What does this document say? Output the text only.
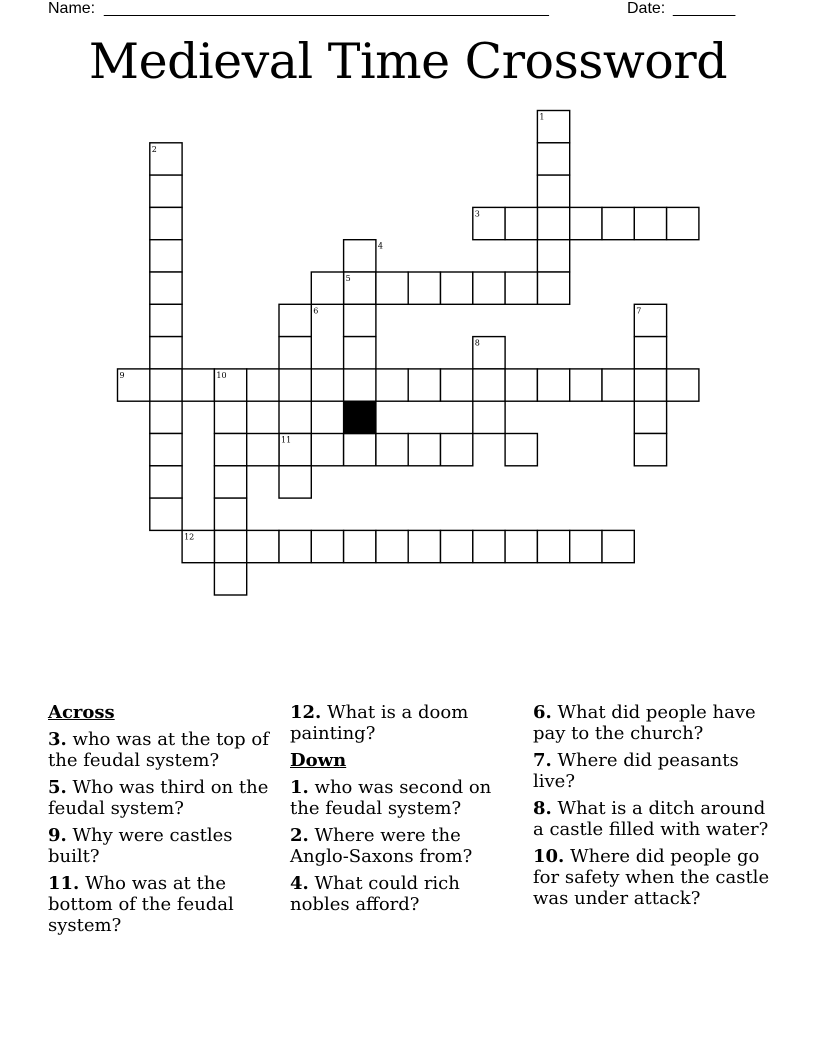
Name: __________________________________________________	Date: _______
Medieval Time Crossword
1
2
3
4
5
6	7
8
9	10
11
12
Across
3. who was at the top of the feudal system?
5. Who was third on the feudal system?
9. Why were castles built?
11. Who was at the bottom of the feudal system?
12. What is a doom painting?
Down
1. who was second on the feudal system?
2. Where were the Anglo-Saxons from?
4. What could rich nobles afford?
6. What did people have pay to the church?
7. Where did peasants live?
8. What is a ditch around a castle filled with water?
10. Where did people go for safety when the castle was under attack?
